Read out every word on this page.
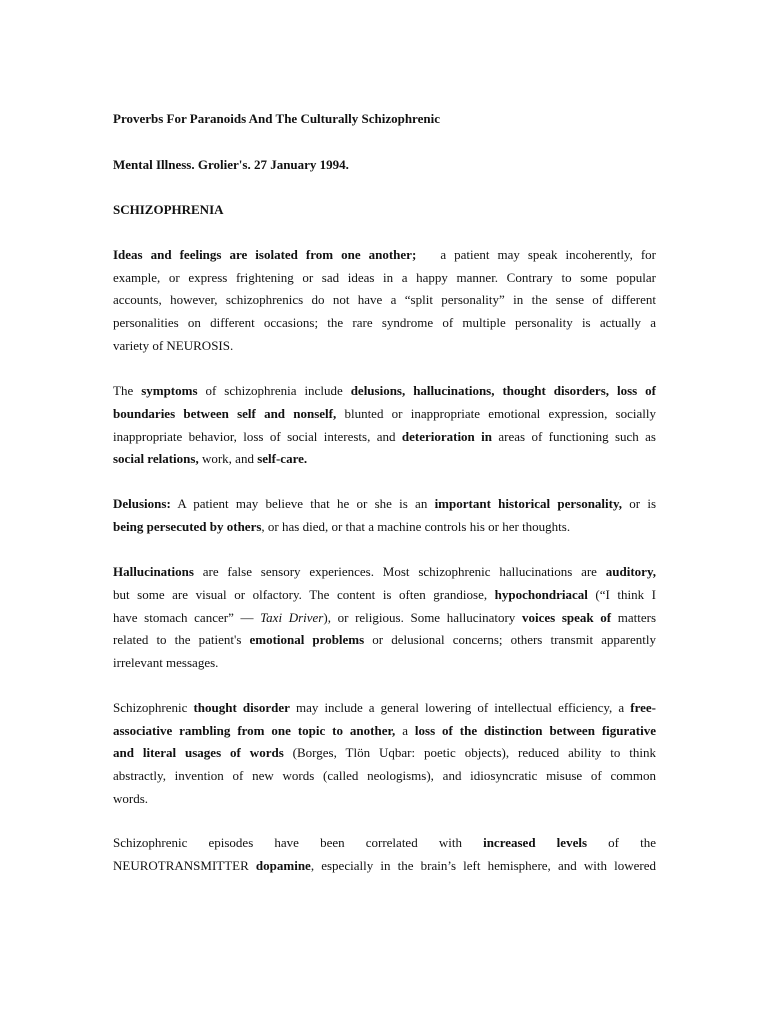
Proverbs For Paranoids And The Culturally Schizophrenic
Mental Illness. Grolier's. 27 January 1994.
SCHIZOPHRENIA
Ideas and feelings are isolated from one another; a patient may speak incoherently, for
example, or express frightening or sad ideas in a happy manner. Contrary to some popular
accounts, however, schizophrenics do not have a “split personality” in the sense of different
personalities on different occasions; the rare syndrome of multiple personality is actually a
variety of NEUROSIS.
The symptoms of schizophrenia include delusions, hallucinations, thought disorders, loss of
boundaries between self and nonself, blunted or inappropriate emotional expression, socially
inappropriate behavior, loss of social interests, and deterioration in areas of functioning such as
social relations, work, and self-care.
Delusions: A patient may believe that he or she is an important historical personality, or is
being persecuted by others, or has died, or that a machine controls his or her thoughts.
Hallucinations are false sensory experiences. Most schizophrenic hallucinations are auditory,
but some are visual or olfactory. The content is often grandiose, hypochondriacal (“I think I
have stomach cancer” — Taxi Driver), or religious. Some hallucinatory voices speak of matters
related to the patient's emotional problems or delusional concerns; others transmit apparently
irrelevant messages.
Schizophrenic thought disorder may include a general lowering of intellectual efficiency, a free-
associative rambling from one topic to another, a loss of the distinction between figurative
and literal usages of words (Borges, Tlön Uqbar: poetic objects), reduced ability to think
abstractly, invention of new words (called neologisms), and idiosyncratic misuse of common
words.
Schizophrenic episodes have been correlated with increased levels of the
NEUROTRANSMITTER dopamine, especially in the brain’s left hemisphere, and with lowered
